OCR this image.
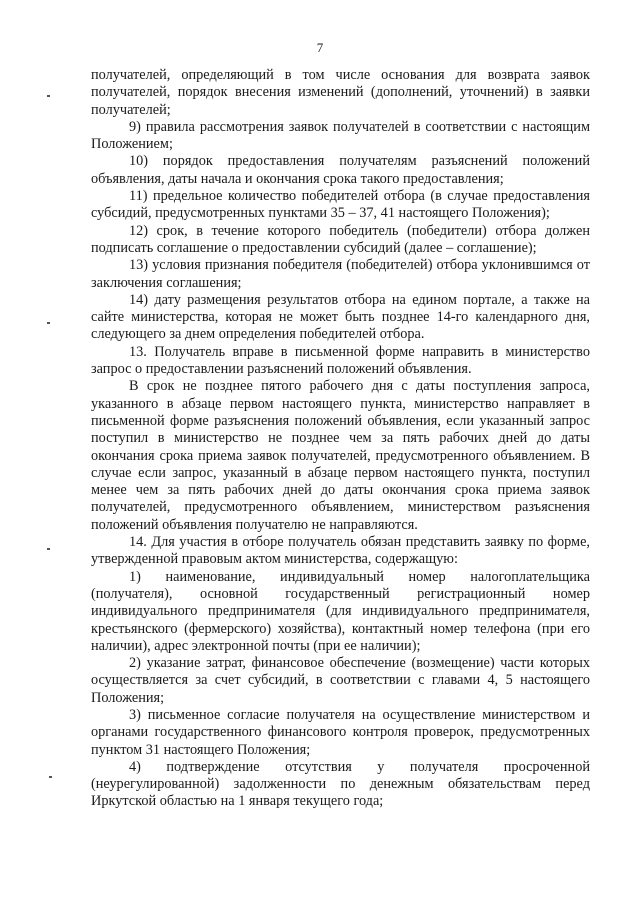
7

получателей, определяющий в том числе основания для возврата заявок получателей, порядок внесения изменений (дополнений, уточнений) в заявки получателей;

9) правила рассмотрения заявок получателей в соответствии с настоящим Положением;

10) порядок предоставления получателям разъяснений положений объявления, даты начала и окончания срока такого предоставления;

11) предельное количество победителей отбора (в случае предоставления субсидий, предусмотренных пунктами 35 – 37, 41 настоящего Положения);

12) срок, в течение которого победитель (победители) отбора должен подписать соглашение о предоставлении субсидий (далее – соглашение);

13) условия признания победителя (победителей) отбора уклонившимся от заключения соглашения;

14) дату размещения результатов отбора на едином портале, а также на сайте министерства, которая не может быть позднее 14-го календарного дня, следующего за днем определения победителей отбора.

13. Получатель вправе в письменной форме направить в министерство запрос о предоставлении разъяснений положений объявления.

В срок не позднее пятого рабочего дня с даты поступления запроса, указанного в абзаце первом настоящего пункта, министерство направляет в письменной форме разъяснения положений объявления, если указанный запрос поступил в министерство не позднее чем за пять рабочих дней до даты окончания срока приема заявок получателей, предусмотренного объявлением. В случае если запрос, указанный в абзаце первом настоящего пункта, поступил менее чем за пять рабочих дней до даты окончания срока приема заявок получателей, предусмотренного объявлением, министерством разъяснения положений объявления получателю не направляются.

14. Для участия в отборе получатель обязан представить заявку по форме, утвержденной правовым актом министерства, содержащую:

1) наименование, индивидуальный номер налогоплательщика (получателя), основной государственный регистрационный номер индивидуального предпринимателя (для индивидуального предпринимателя, крестьянского (фермерского) хозяйства), контактный номер телефона (при его наличии), адрес электронной почты (при ее наличии);

2) указание затрат, финансовое обеспечение (возмещение) части которых осуществляется за счет субсидий, в соответствии с главами 4, 5 настоящего Положения;

3) письменное согласие получателя на осуществление министерством и органами государственного финансового контроля проверок, предусмотренных пунктом 31 настоящего Положения;

4) подтверждение отсутствия у получателя просроченной (неурегулированной) задолженности по денежным обязательствам перед Иркутской областью на 1 января текущего года;
